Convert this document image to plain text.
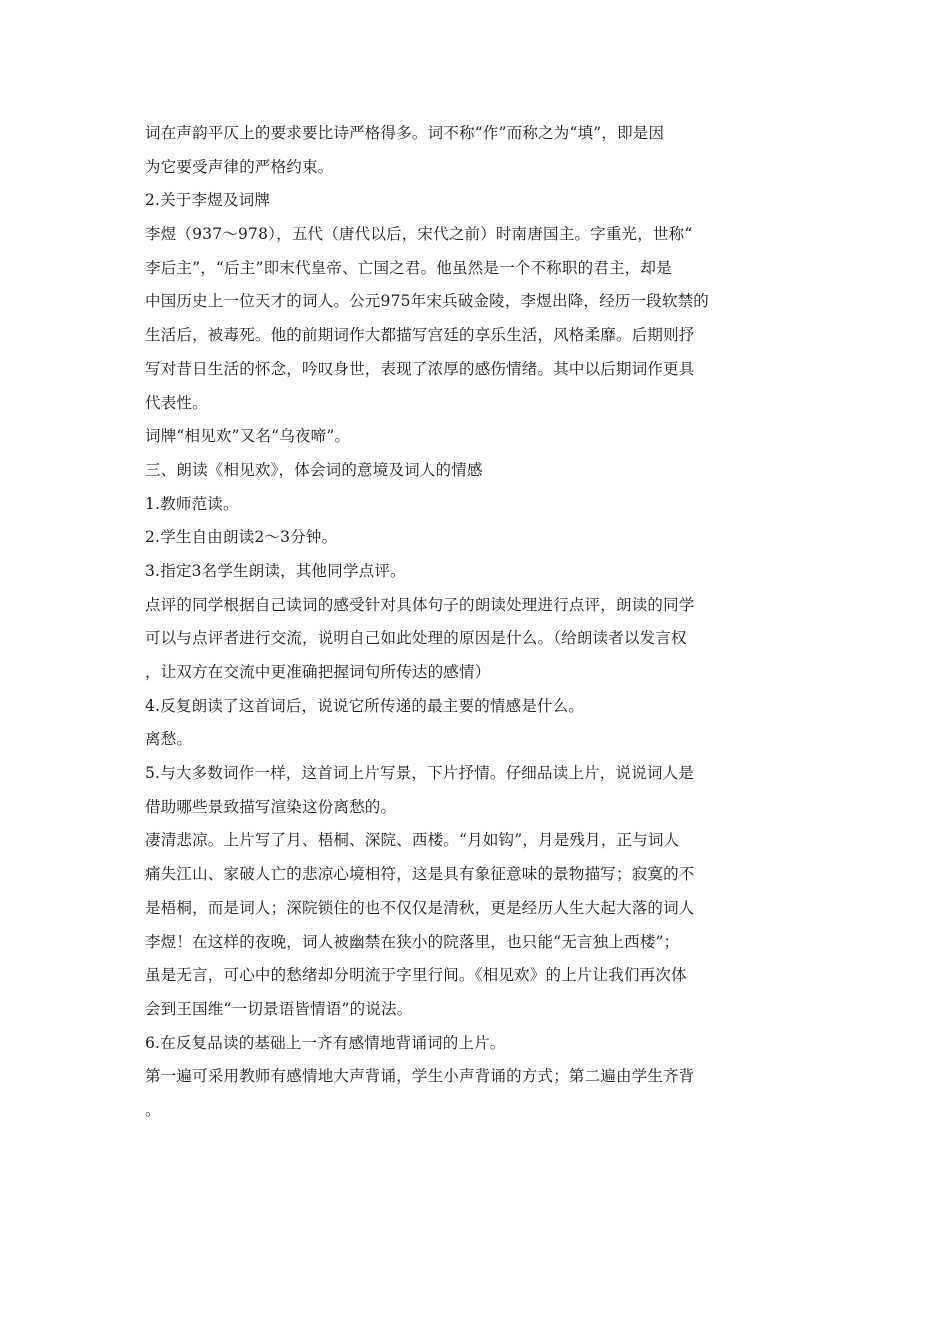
词在声韵平仄上的要求要比诗严格得多。词不称“作”而称之为“填”，即是因
为它要受声律的严格约束。
2.关于李煜及词牌
李煜（937～978），五代（唐代以后，宋代之前）时南唐国主。字重光，世称“
李后主”，“后主”即末代皇帝、亡国之君。他虽然是一个不称职的君主，却是
中国历史上一位天才的词人。公元975年宋兵破金陵，李煜出降，经历一段软禁的
生活后，被毒死。他的前期词作大都描写宫廷的享乐生活，风格柔靡。后期则抒
写对昔日生活的怀念，吟叹身世，表现了浓厚的感伤情绪。其中以后期词作更具
代表性。
词牌“相见欢”又名“乌夜啼”。
三、朗读《相见欢》，体会词的意境及词人的情感
1.教师范读。
2.学生自由朗读2～3分钟。
3.指定3名学生朗读，其他同学点评。
点评的同学根据自己读词的感受针对具体句子的朗读处理进行点评，朗读的同学
可以与点评者进行交流，说明自己如此处理的原因是什么。（给朗读者以发言权
，让双方在交流中更准确把握词句所传达的感情）
4.反复朗读了这首词后，说说它所传递的最主要的情感是什么。
离愁。
5.与大多数词作一样，这首词上片写景，下片抒情。仔细品读上片，说说词人是
借助哪些景致描写渲染这份离愁的。
凄清悲凉。上片写了月、梧桐、深院、西楼。“月如钩”，月是残月，正与词人
痛失江山、家破人亡的悲凉心境相符，这是具有象征意味的景物描写；寂寞的不
是梧桐，而是词人；深院锁住的也不仅仅是清秋，更是经历人生大起大落的词人
李煜！在这样的夜晚，词人被幽禁在狭小的院落里，也只能“无言独上西楼”；
虽是无言，可心中的愁绪却分明流于字里行间。《相见欢》的上片让我们再次体
会到王国维“一切景语皆情语”的说法。
6.在反复品读的基础上一齐有感情地背诵词的上片。
第一遍可采用教师有感情地大声背诵，学生小声背诵的方式；第二遍由学生齐背
。
